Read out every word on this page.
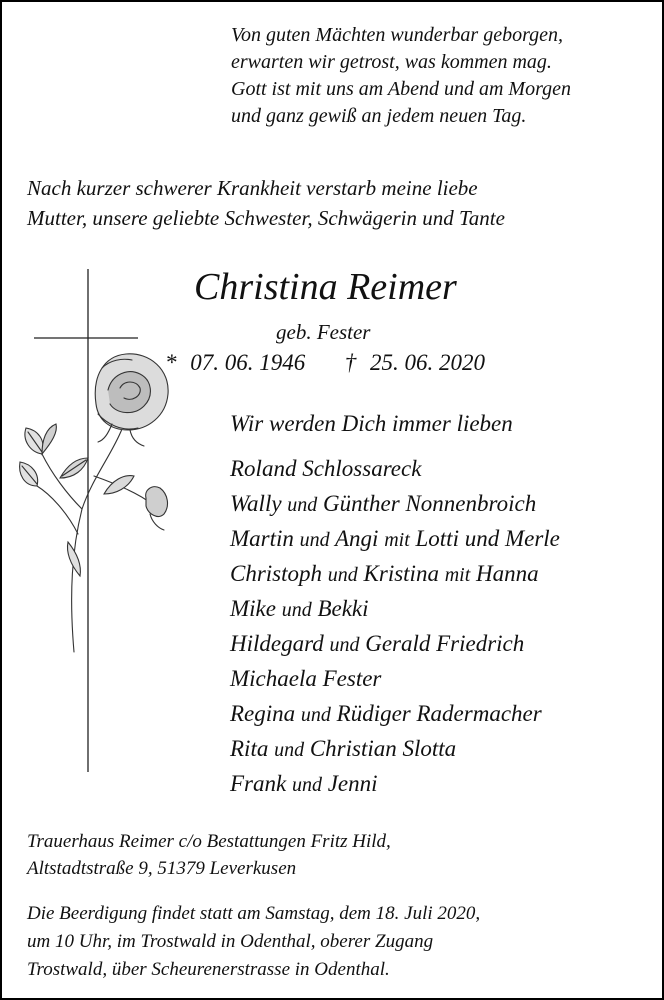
Von guten Mächten wunderbar geborgen,
erwarten wir getrost, was kommen mag.
Gott ist mit uns am Abend und am Morgen
und ganz gewiß an jedem neuen Tag.
Nach kurzer schwerer Krankheit verstarb meine liebe
Mutter, unsere geliebte Schwester, Schwägerin und Tante
Christina Reimer
geb. Fester
* 07. 06. 1946 † 25. 06. 2020
Wir werden Dich immer lieben
Roland Schlossareck
Wally und Günther Nonnenbroich
Martin und Angi mit Lotti und Merle
Christoph und Kristina mit Hanna
Mike und Bekki
Hildegard und Gerald Friedrich
Michaela Fester
Regina und Rüdiger Radermacher
Rita und Christian Slotta
Frank und Jenni
Trauerhaus Reimer c/o Bestattungen Fritz Hild,
Altstadtstraße 9, 51379 Leverkusen
Die Beerdigung findet statt am Samstag, dem 18. Juli 2020,
um 10 Uhr, im Trostwald in Odenthal, oberer Zugang
Trostwald, über Scheurenerstrasse in Odenthal.
